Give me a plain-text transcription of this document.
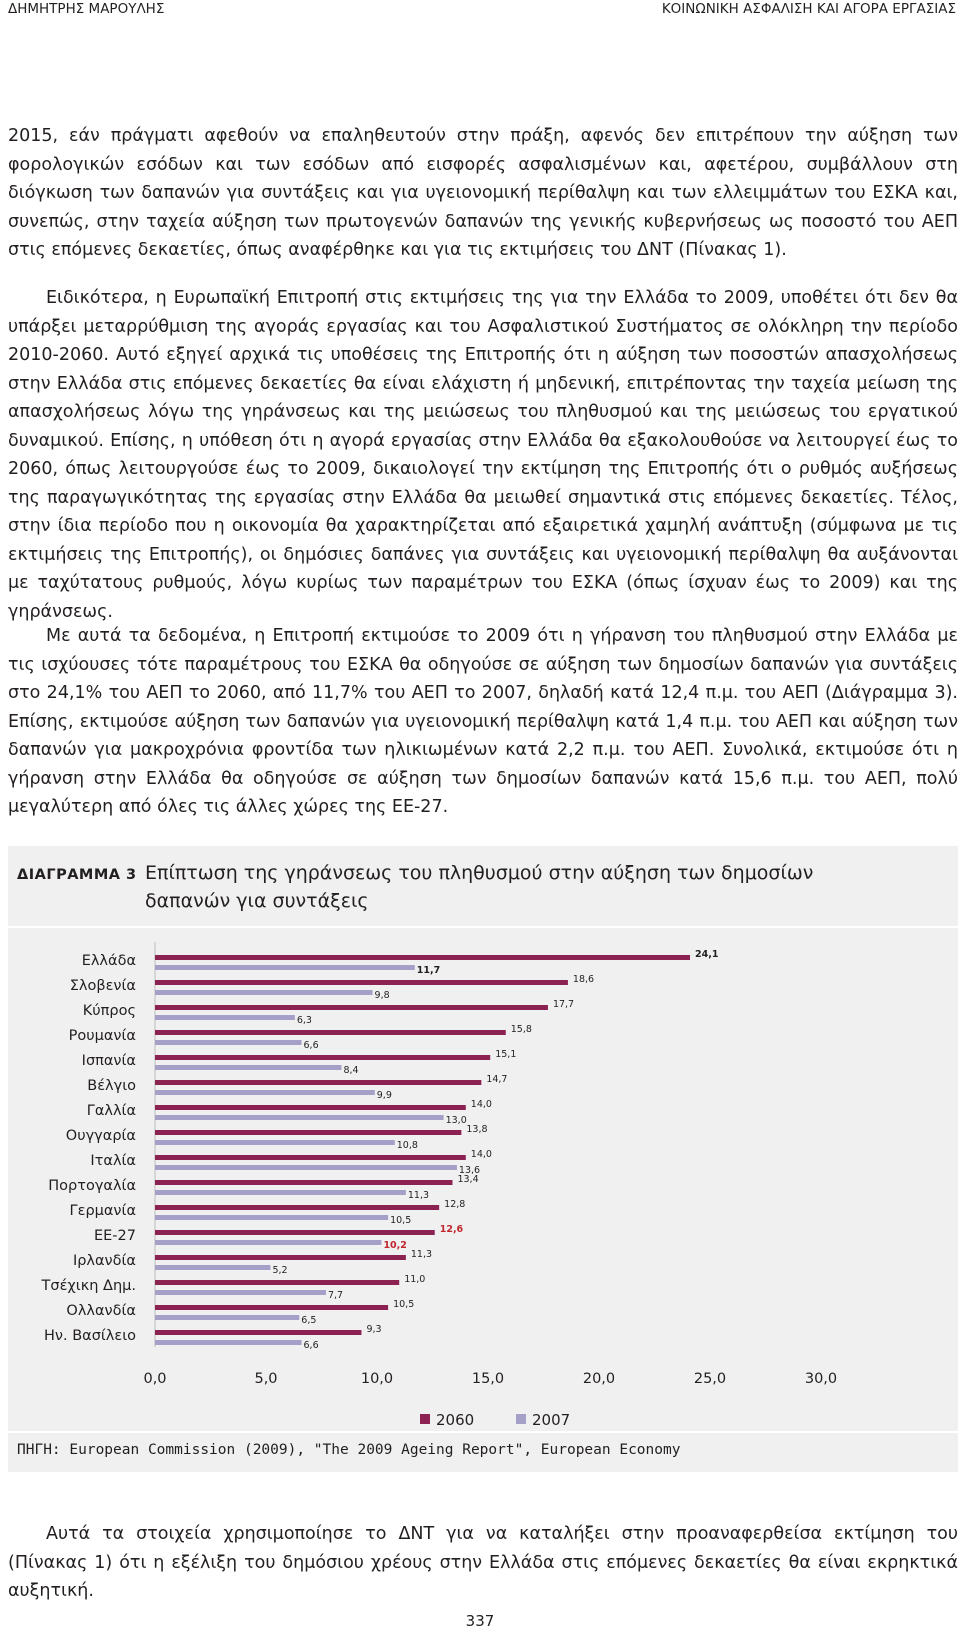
ΔΗΜΗΤΡΗΣ ΜΑΡΟΥΛΗΣ	ΚΟΙΝΩΝΙΚΗ ΑΣΦΑΛΙΣΗ ΚΑΙ ΑΓΟΡΑ ΕΡΓΑΣΙΑΣ

2015, εάν πράγματι αφεθούν να επαληθευτούν στην πράξη, αφενός δεν επιτρέπουν την αύξηση των φορολογικών εσόδων και των εσόδων από εισφορές ασφαλισμένων και, αφετέρου, συμβάλλουν στη διόγκωση των δαπανών για συντάξεις και για υγειονομική περίθαλψη και των ελλειμμάτων του ΕΣΚΑ και, συνεπώς, στην ταχεία αύξηση των πρωτογενών δαπανών της γενικής κυβερνήσεως ως ποσοστό του ΑΕΠ στις επόμενες δεκαετίες, όπως αναφέρθηκε και για τις εκτιμήσεις του ΔΝΤ (Πίνακας 1).

Ειδικότερα, η Ευρωπαϊκή Επιτροπή στις εκτιμήσεις της για την Ελλάδα το 2009, υποθέτει ότι δεν θα υπάρξει μεταρρύθμιση της αγοράς εργασίας και του Ασφαλιστικού Συστήματος σε ολόκληρη την περίοδο 2010-2060. Αυτό εξηγεί αρχικά τις υποθέσεις της Επιτροπής ότι η αύξηση των ποσοστών απασχολήσεως στην Ελλάδα στις επόμενες δεκαετίες θα είναι ελάχιστη ή μηδενική, επιτρέποντας την ταχεία μείωση της απασχολήσεως λόγω της γηράνσεως και της μειώσεως του πληθυσμού και της μειώσεως του εργατικού δυναμικού. Επίσης, η υπόθεση ότι η αγορά εργασίας στην Ελλάδα θα εξακολουθούσε να λειτουργεί έως το 2060, όπως λειτουργούσε έως το 2009, δικαιολογεί την εκτίμηση της Επιτροπής ότι ο ρυθμός αυξήσεως της παραγωγικότητας της εργασίας στην Ελλάδα θα μειωθεί σημαντικά στις επόμενες δεκαετίες. Τέλος, στην ίδια περίοδο που η οικονομία θα χαρακτηρίζεται από εξαιρετικά χαμηλή ανάπτυξη (σύμφωνα με τις εκτιμήσεις της Επιτροπής), οι δημόσιες δαπάνες για συντάξεις και υγειονομική περίθαλψη θα αυξάνονται με ταχύτατους ρυθμούς, λόγω κυρίως των παραμέτρων του ΕΣΚΑ (όπως ίσχυαν έως το 2009) και της γηράνσεως.

Με αυτά τα δεδομένα, η Επιτροπή εκτιμούσε το 2009 ότι η γήρανση του πληθυσμού στην Ελλάδα με τις ισχύουσες τότε παραμέτρους του ΕΣΚΑ θα οδηγούσε σε αύξηση των δημοσίων δαπανών για συντάξεις στο 24,1% του ΑΕΠ το 2060, από 11,7% του ΑΕΠ το 2007, δηλαδή κατά 12,4 π.μ. του ΑΕΠ (Διάγραμμα 3). Επίσης, εκτιμούσε αύξηση των δαπανών για υγειονομική περίθαλψη κατά 1,4 π.μ. του ΑΕΠ και αύξηση των δαπανών για μακροχρόνια φροντίδα των ηλικιωμένων κατά 2,2 π.μ. του ΑΕΠ. Συνολικά, εκτιμούσε ότι η γήρανση στην Ελλάδα θα οδηγούσε σε αύξηση των δημοσίων δαπανών κατά 15,6 π.μ. του ΑΕΠ, πολύ μεγαλύτερη από όλες τις άλλες χώρες της ΕΕ-27.

ΔΙΑΓΡΑΜΜΑ 3 Επίπτωση της γηράνσεως του πληθυσμού στην αύξηση των δημοσίων δαπανών για συντάξεις
Ελλάδα	24,1
11,7
Σλοβενία	18,6
9,8
Κύπρος	17,7
6,3
Ρουμανία	15,8
6,6
Ισπανία	15,1
8,4
Βέλγιο	14,7
9,9
Γαλλία	14,0
13,0
Ουγγαρία	13,8
10,8
Ιταλία	14,0
13,6
Πορτογαλία	13,4
11,3
Γερμανία	12,8
10,5
ΕΕ-27	12,6
10,2
Ιρλανδία	11,3
5,2
Τσέχικη Δημ.	11,0
7,7
Ολλανδία	10,5
6,5
Ην. Βασίλειο	9,3
6,6
0,0	5,0	10,0	15,0	20,0	25,0	30,0
2060	2007
ΠΗΓΗ: European Commission (2009), "The 2009 Ageing Report", European Economy

Αυτά τα στοιχεία χρησιμοποίησε το ΔΝΤ για να καταλήξει στην προαναφερθείσα εκτίμηση του (Πίνακας 1) ότι η εξέλιξη του δημόσιου χρέους στην Ελλάδα στις επόμενες δεκαετίες θα είναι εκρηκτικά αυξητική.

337
